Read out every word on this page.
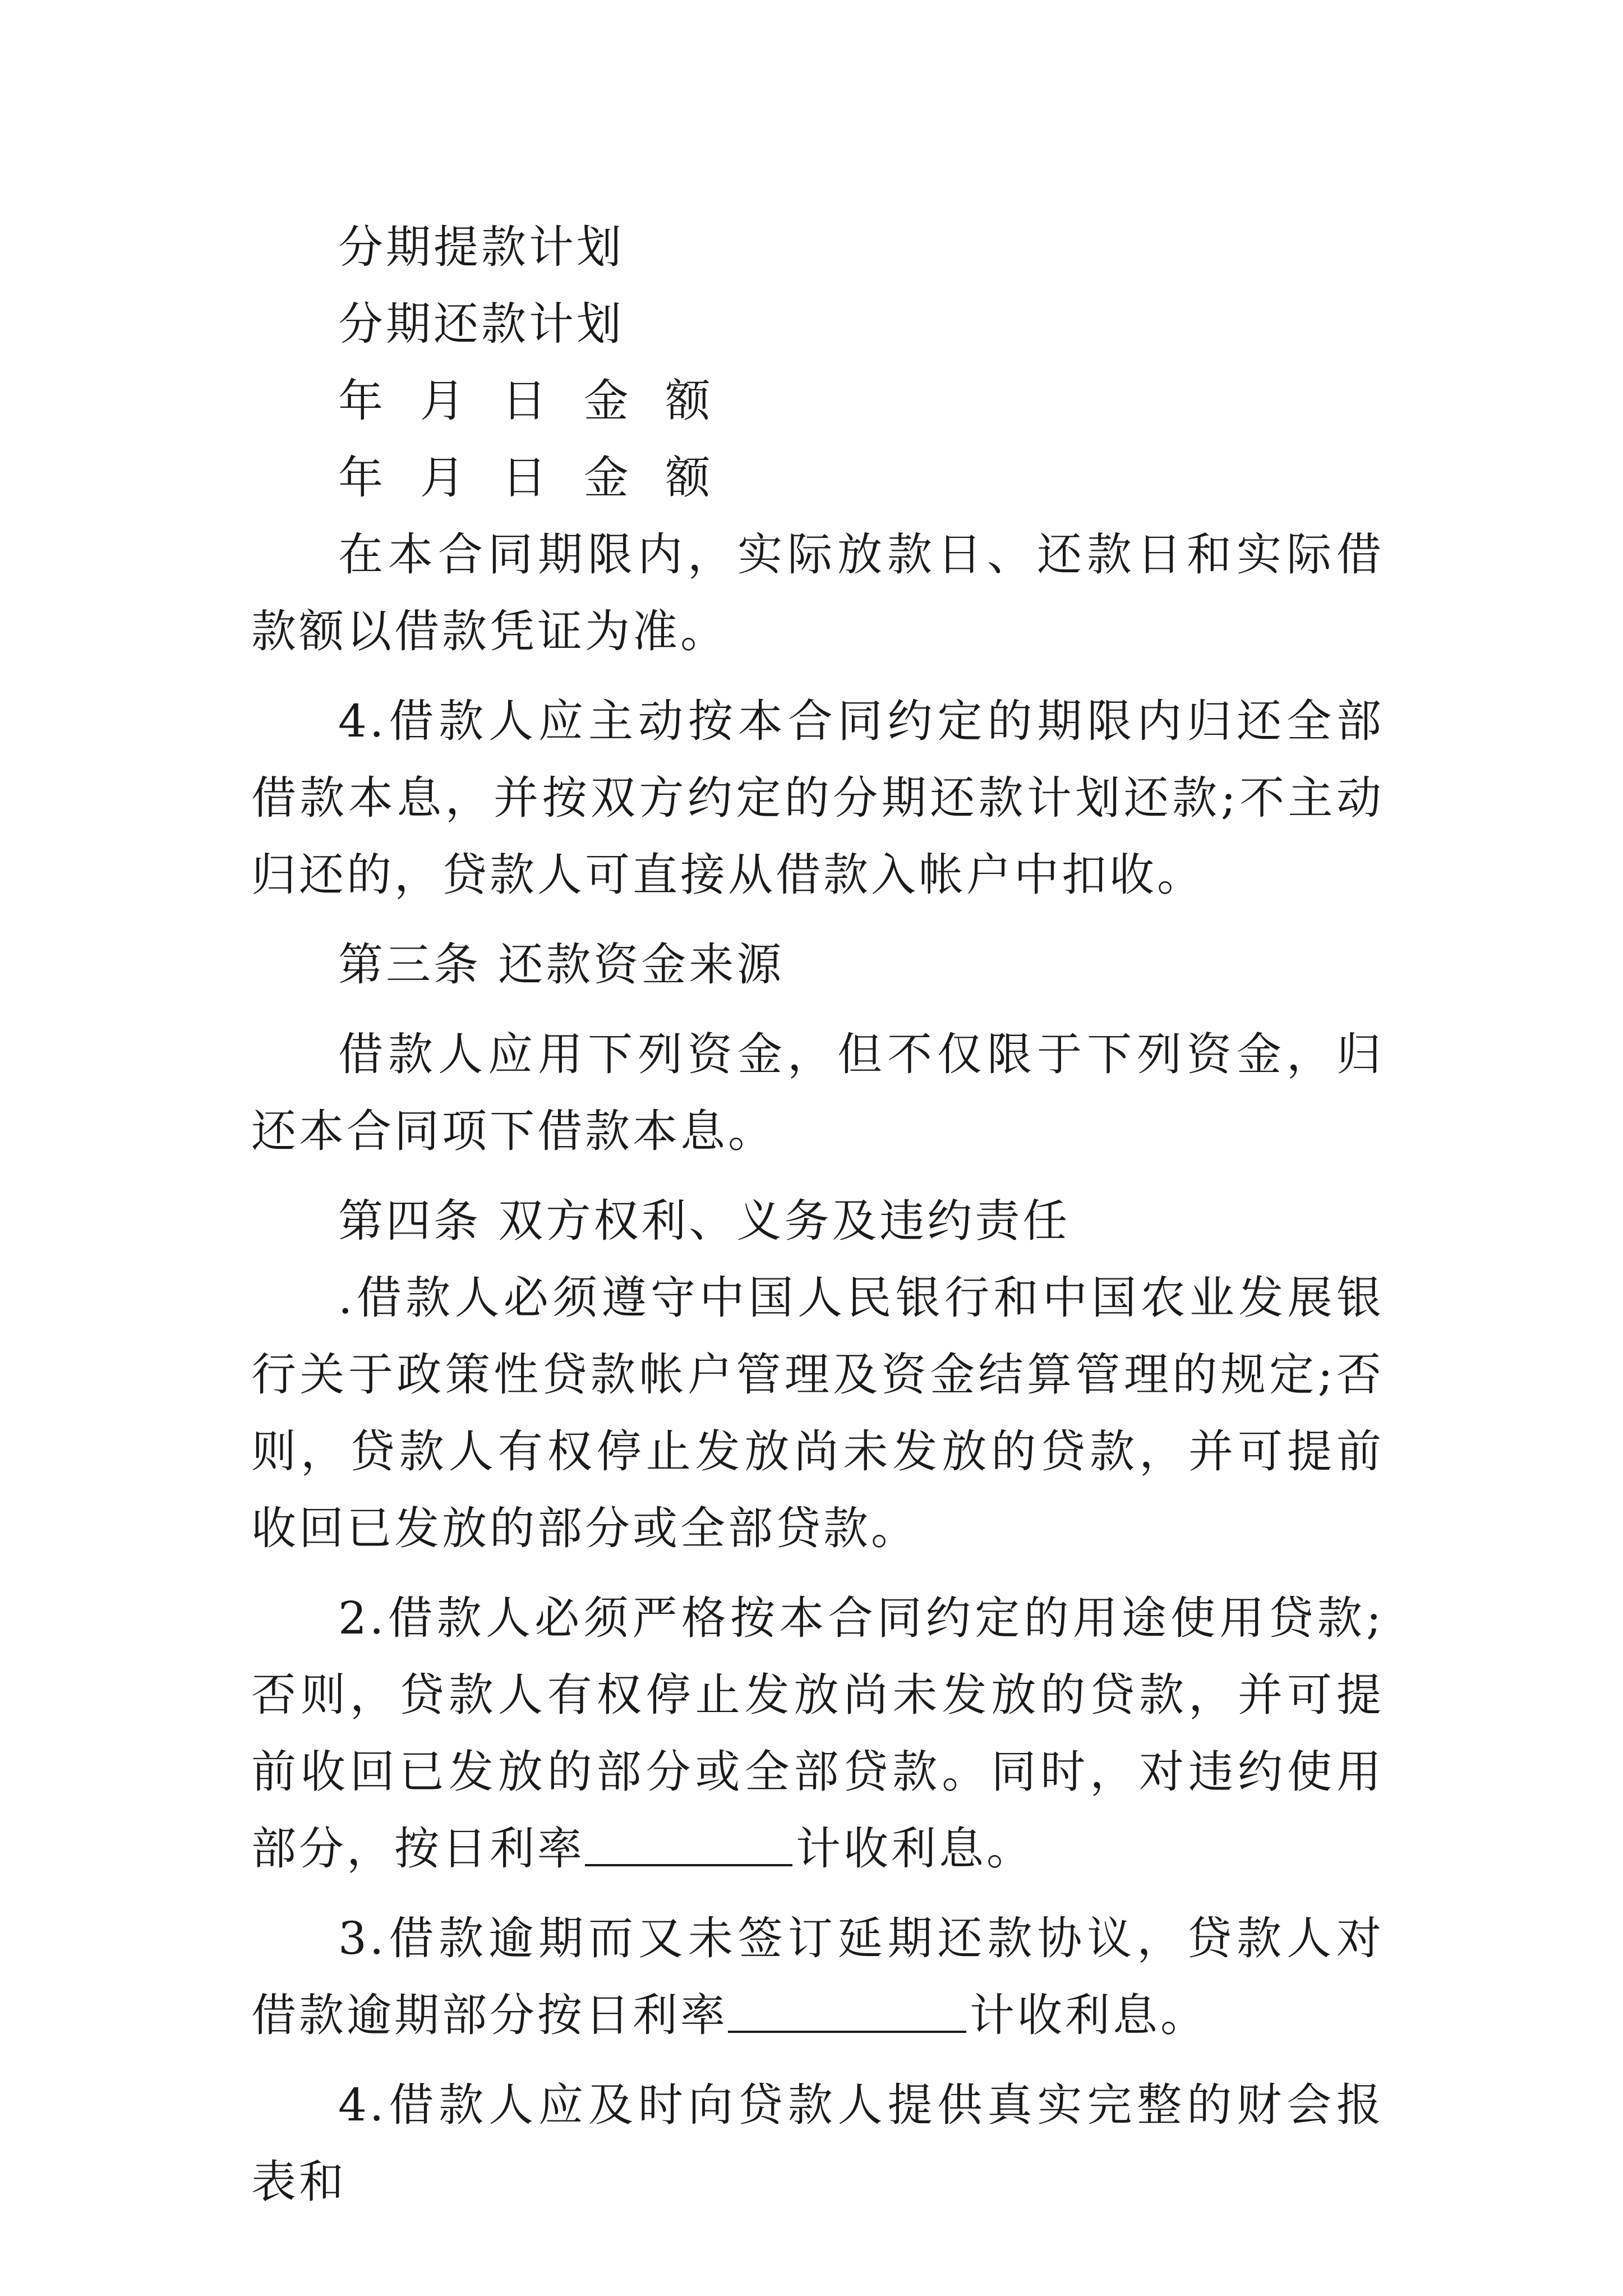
分期提款计划

分期还款计划

年  月  日  金  额

年  月  日  金  额

在本合同期限内，实际放款日、还款日和实际借款额以借款凭证为准。

4.借款人应主动按本合同约定的期限内归还全部借款本息，并按双方约定的分期还款计划还款;不主动归还的，贷款人可直接从借款入帐户中扣收。

第三条 还款资金来源

借款人应用下列资金，但不仅限于下列资金，归还本合同项下借款本息。

第四条 双方权利、义务及违约责任

.借款人必须遵守中国人民银行和中国农业发展银行关于政策性贷款帐户管理及资金结算管理的规定;否则，贷款人有权停止发放尚未发放的贷款，并可提前收回已发放的部分或全部贷款。

2.借款人必须严格按本合同约定的用途使用贷款;否则，贷款人有权停止发放尚未发放的贷款，并可提前收回已发放的部分或全部贷款。同时，对违约使用部分，按日利率	计收利息。

3.借款逾期而又未签订延期还款协议，贷款人对借款逾期部分按日利率	计收利息。

4.借款人应及时向贷款人提供真实完整的财会报表和
